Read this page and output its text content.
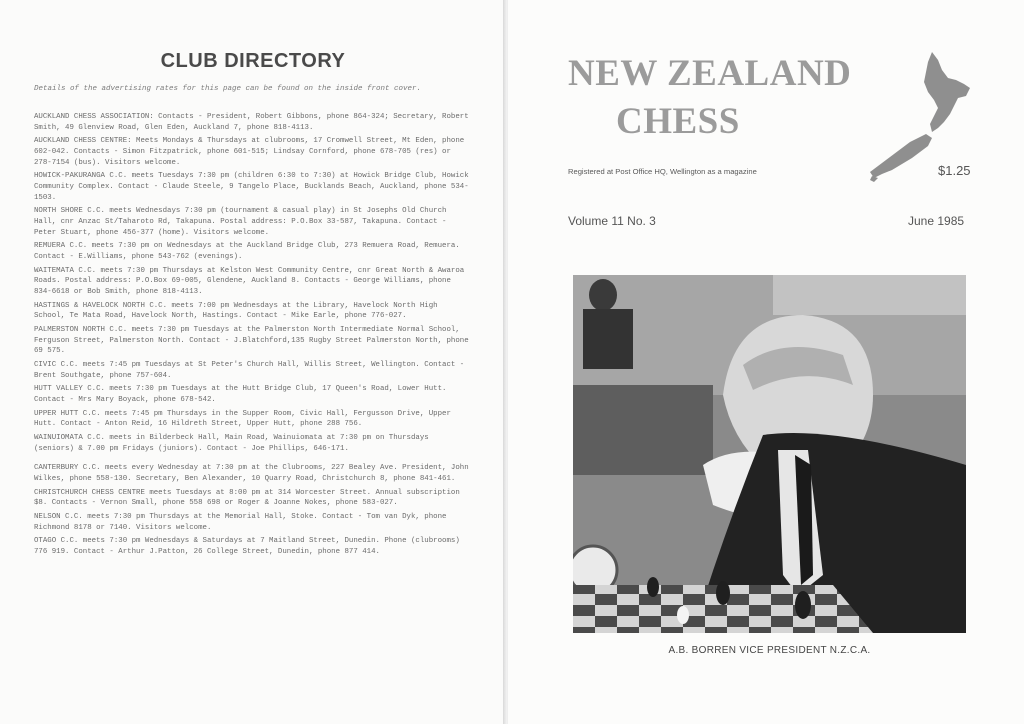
CLUB DIRECTORY
Details of the advertising rates for this page can be found on the inside front cover.

AUCKLAND CHESS ASSOCIATION: Contacts - President, Robert Gibbons, phone 864-324; Secretary, Robert Smith, 49 Glenview Road, Glen Eden, Auckland 7, phone 818-4113.

AUCKLAND CHESS CENTRE: Meets Mondays & Thursdays at clubrooms, 17 Cromwell Street, Mt Eden, phone 602-042. Contacts - Simon Fitzpatrick, phone 601-515; Lindsay Cornford, phone 678-705 (res) or 278-7154 (bus). Visitors welcome.

HOWICK-PAKURANGA C.C. meets Tuesdays 7:30 pm (children 6:30 to 7:30) at Howick Bridge Club, Howick Community Complex. Contact - Claude Steele, 9 Tangelo Place, Bucklands Beach, Auckland, phone 534-1503.

NORTH SHORE C.C. meets Wednesdays 7:30 pm (tournament & casual play) in St Josephs Old Church Hall, cnr Anzac St/Taharoto Rd, Takapuna. Postal address: P.O.Box 33-587, Takapuna. Contact - Peter Stuart, phone 456-377 (home). Visitors welcome.

REMUERA C.C. meets 7:30 pm on Wednesdays at the Auckland Bridge Club, 273 Remuera Road, Remuera. Contact - E.Williams, phone 543-762 (evenings).

WAITEMATA C.C. meets 7:30 pm Thursdays at Kelston West Community Centre, cnr Great North & Awaroa Roads. Postal address: P.O.Box 69-005, Glendene, Auckland 8. Contacts - George Williams, phone 834-6618 or Bob Smith, phone 818-4113.

HASTINGS & HAVELOCK NORTH C.C. meets 7:00 pm Wednesdays at the Library, Havelock North High School, Te Mata Road, Havelock North, Hastings. Contact - Mike Earle, phone 776-027.

PALMERSTON NORTH C.C. meets 7:30 pm Tuesdays at the Palmerston North Intermediate Normal School, Ferguson Street, Palmerston North. Contact - J.Blatchford,135 Rugby Street Palmerston North, phone 69 575.

CIVIC C.C. meets 7:45 pm Tuesdays at St Peter's Church Hall, Willis Street, Wellington. Contact - Brent Southgate, phone 757-604.

HUTT VALLEY C.C. meets 7:30 pm Tuesdays at the Hutt Bridge Club, 17 Queen's Road, Lower Hutt. Contact - Mrs Mary Boyack, phone 678-542.

UPPER HUTT C.C. meets 7:45 pm Thursdays in the Supper Room, Civic Hall, Fergusson Drive, Upper Hutt. Contact - Anton Reid, 16 Hildreth Street, Upper Hutt, phone 288 756.

WAINUIOMATA C.C. meets in Bilderbeck Hall, Main Road, Wainuiomata at 7:30 pm on Thursdays (seniors) & 7.00 pm Fridays (juniors). Contact - Joe Phillips, 646-171.

CANTERBURY C.C. meets every Wednesday at 7:30 pm at the Clubrooms, 227 Bealey Ave. President, John Wilkes, phone 558-130. Secretary, Ben Alexander, 10 Quarry Road, Christchurch 8, phone 841-461.

CHRISTCHURCH CHESS CENTRE meets Tuesdays at 8:00 pm at 314 Worcester Street. Annual subscription $8. Contacts - Vernon Small, phone 558 698 or Roger & Joanne Nokes, phone 583-027.

NELSON C.C. meets 7:30 pm Thursdays at the Memorial Hall, Stoke. Contact - Tom van Dyk, phone Richmond 8178 or 7140. Visitors welcome.

OTAGO C.C. meets 7:30 pm Wednesdays & Saturdays at 7 Maitland Street, Dunedin. Phone (clubrooms) 776 919. Contact - Arthur J.Patton, 26 College Street, Dunedin, phone 877 414.

NEW ZEALAND
CHESS
Registered at Post Office HQ, Wellington as a magazine	$1.25
Volume 11 No. 3	June 1985
A.B. BORREN VICE PRESIDENT N.Z.C.A.
